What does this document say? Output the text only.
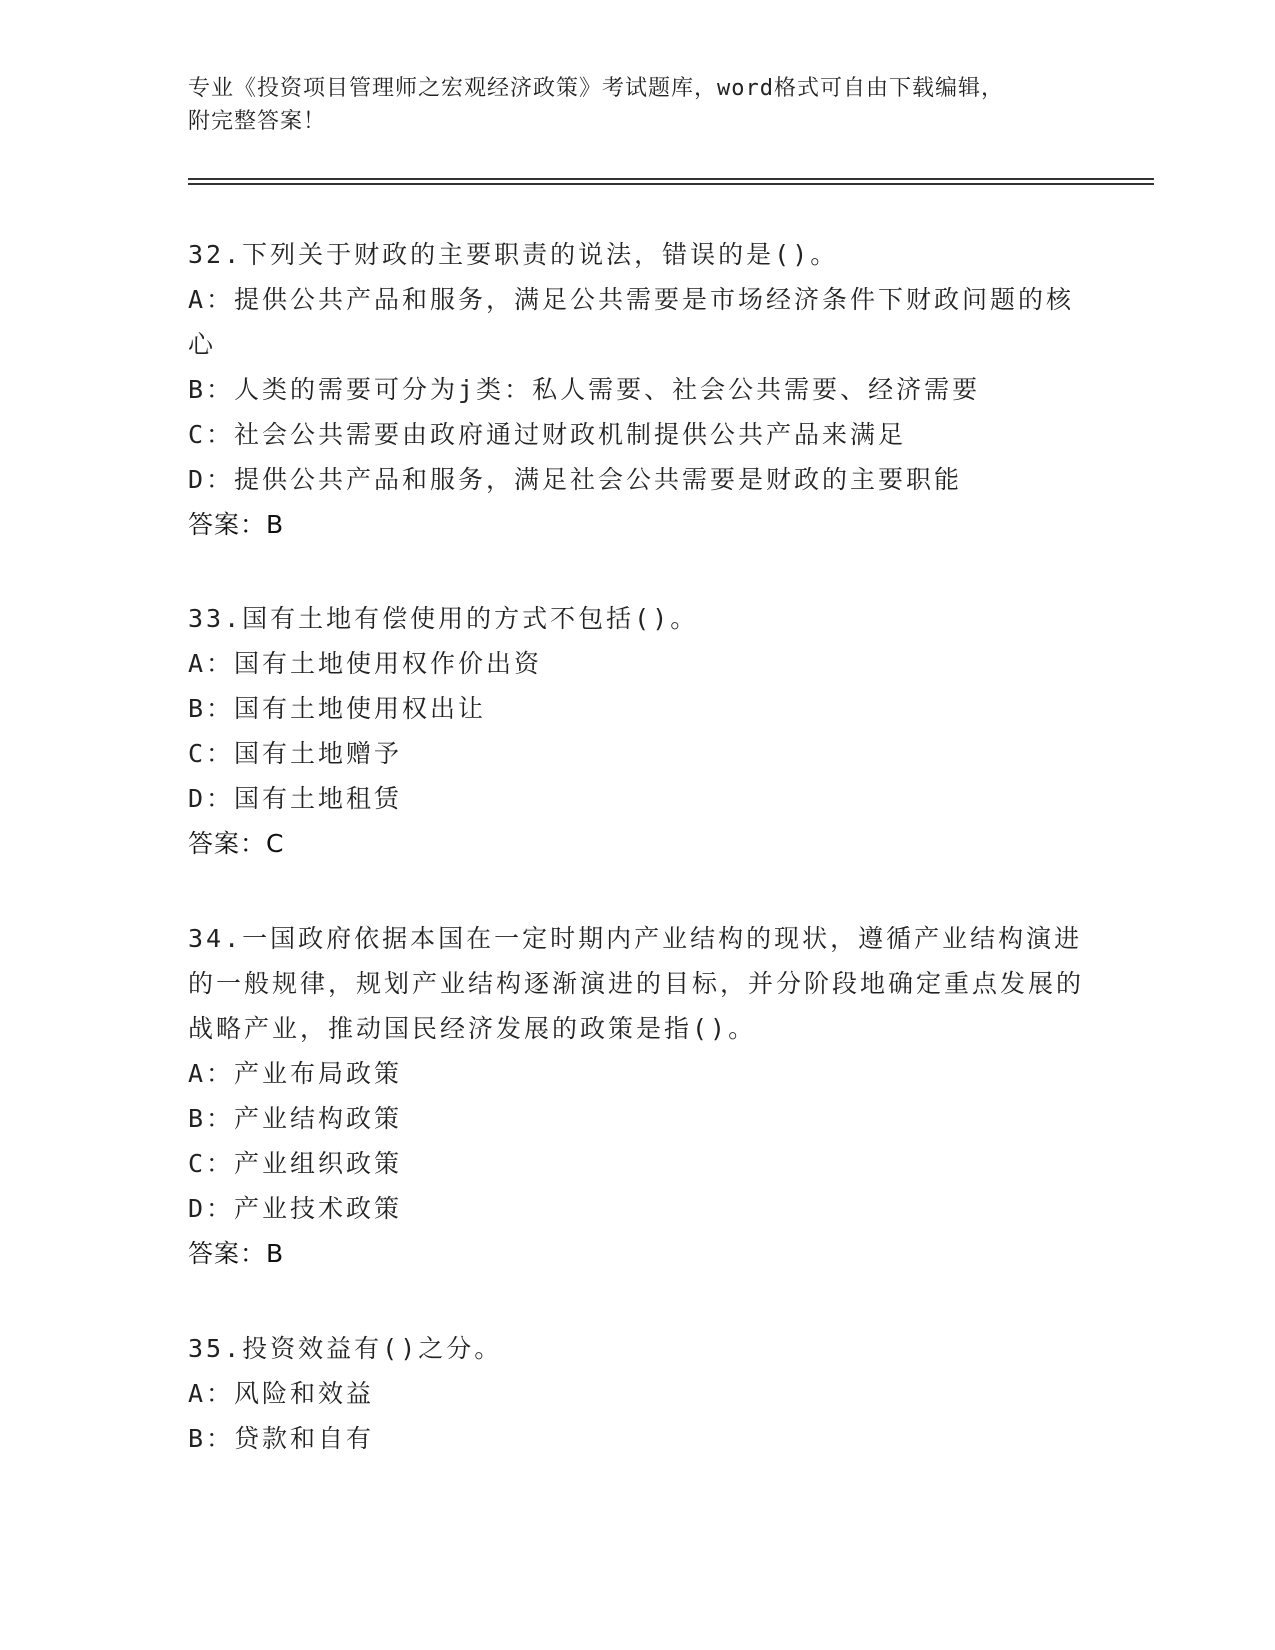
专业《投资项目管理师之宏观经济政策》考试题库，word格式可自由下载编辑，
附完整答案！
32.下列关于财政的主要职责的说法，错误的是()。
A：提供公共产品和服务，满足公共需要是市场经济条件下财政问题的核心
B：人类的需要可分为j类：私人需要、社会公共需要、经济需要
C：社会公共需要由政府通过财政机制提供公共产品来满足
D：提供公共产品和服务，满足社会公共需要是财政的主要职能
答案：B
33.国有土地有偿使用的方式不包括()。
A：国有土地使用权作价出资
B：国有土地使用权出让
C：国有土地赠予
D：国有土地租赁
答案：C
34.一国政府依据本国在一定时期内产业结构的现状，遵循产业结构演进的一般规律，规划产业结构逐渐演进的目标，并分阶段地确定重点发展的战略产业，推动国民经济发展的政策是指()。
A：产业布局政策
B：产业结构政策
C：产业组织政策
D：产业技术政策
答案：B
35.投资效益有()之分。
A：风险和效益
B：贷款和自有
